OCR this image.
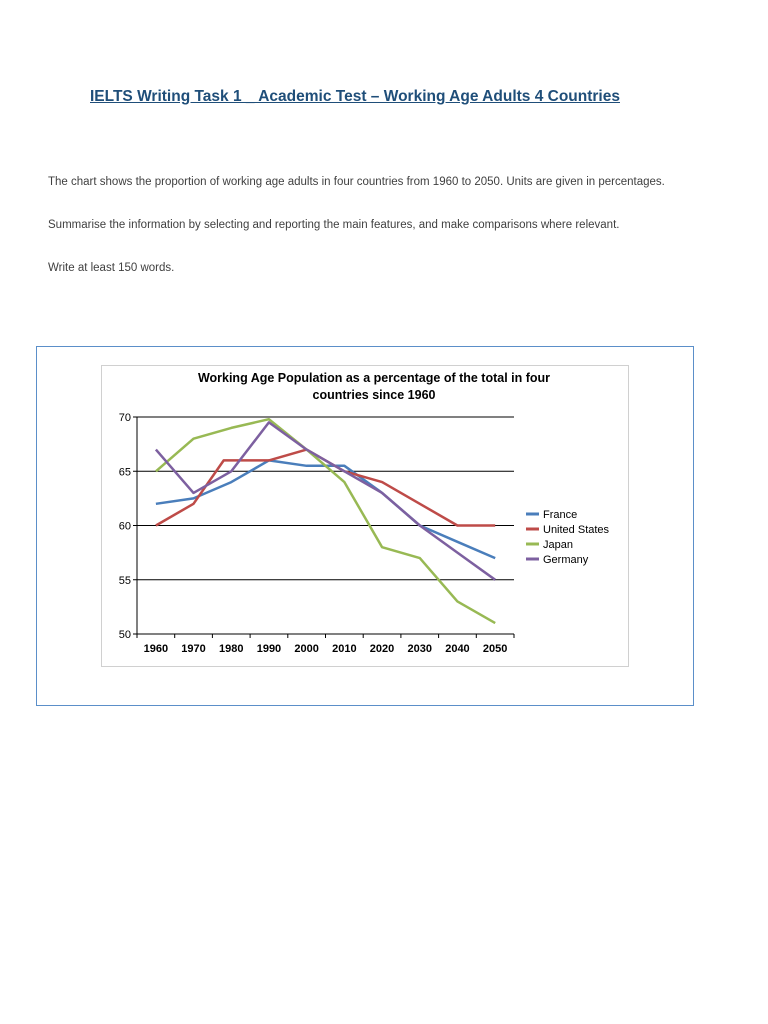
IELTS Writing Task 1 _ Academic Test – Working Age Adults 4 Countries
The chart shows the proportion of working age adults in four countries from 1960 to 2050. Units are given in percentages.
Summarise the information by selecting and reporting the main features, and make comparisons where relevant.
Write at least 150 words.
Working Age Population as a percentage of the total in four
countries since 1960
50
55
60
65
70
1960 1970 1980 1990 2000 2010 2020 2030 2040 2050
France
United States
Japan
Germany
